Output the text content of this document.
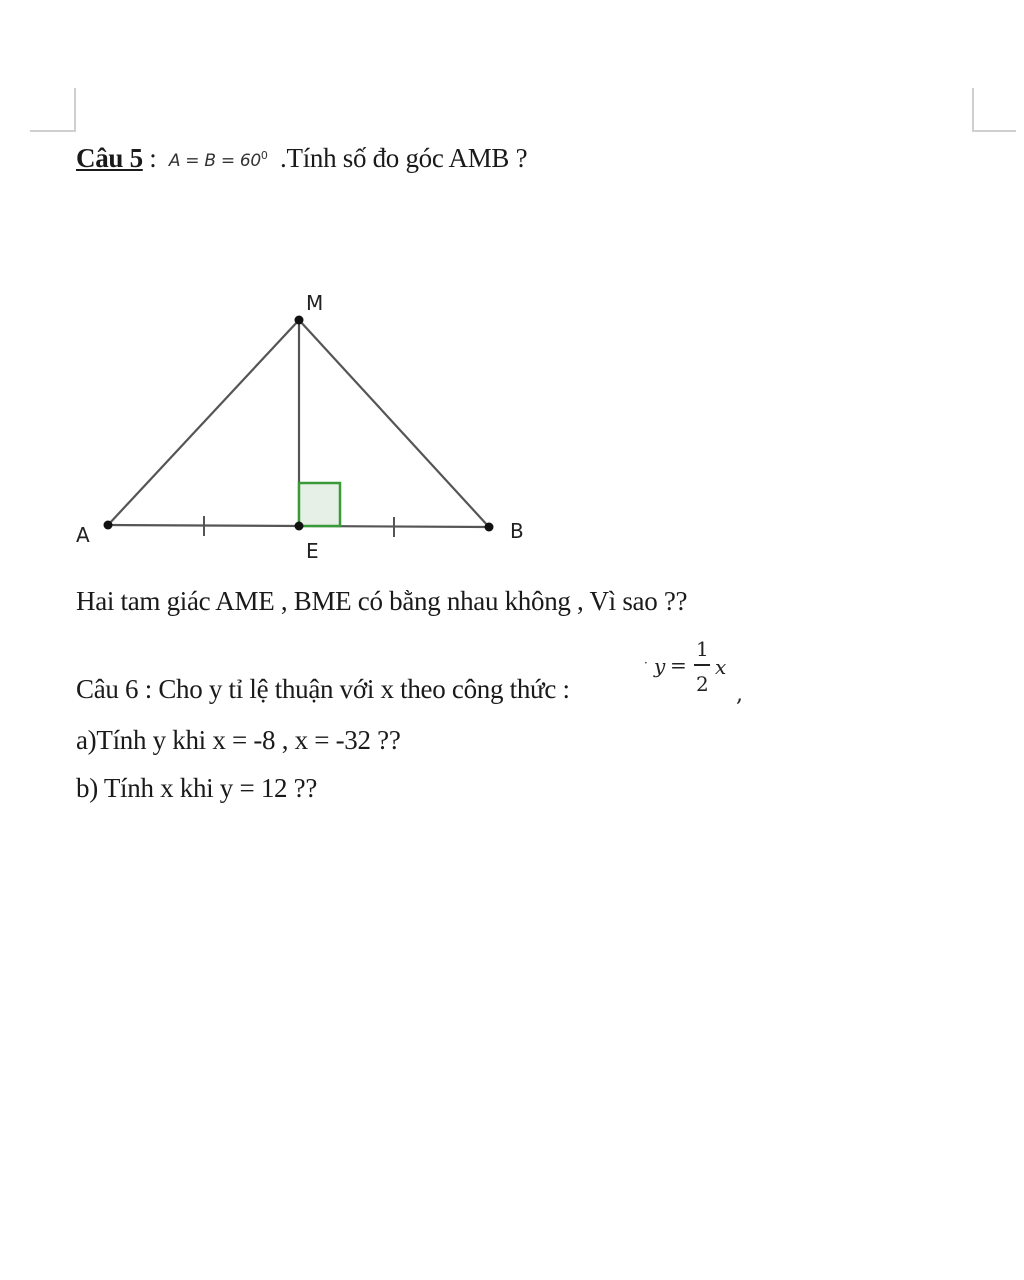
Câu 5 : $A = B = 60^0$ .Tính số đo góc AMB ?
M
A
E
B
Hai tam giác AME , BME có bằng nhau không , Vì sao ??
Câu 6 : Cho y tỉ lệ thuận với x theo công thức :
· y =
1
2
x
,
a)Tính y khi x = -8 , x = -32 ??
b) Tính x khi y = 12 ??
